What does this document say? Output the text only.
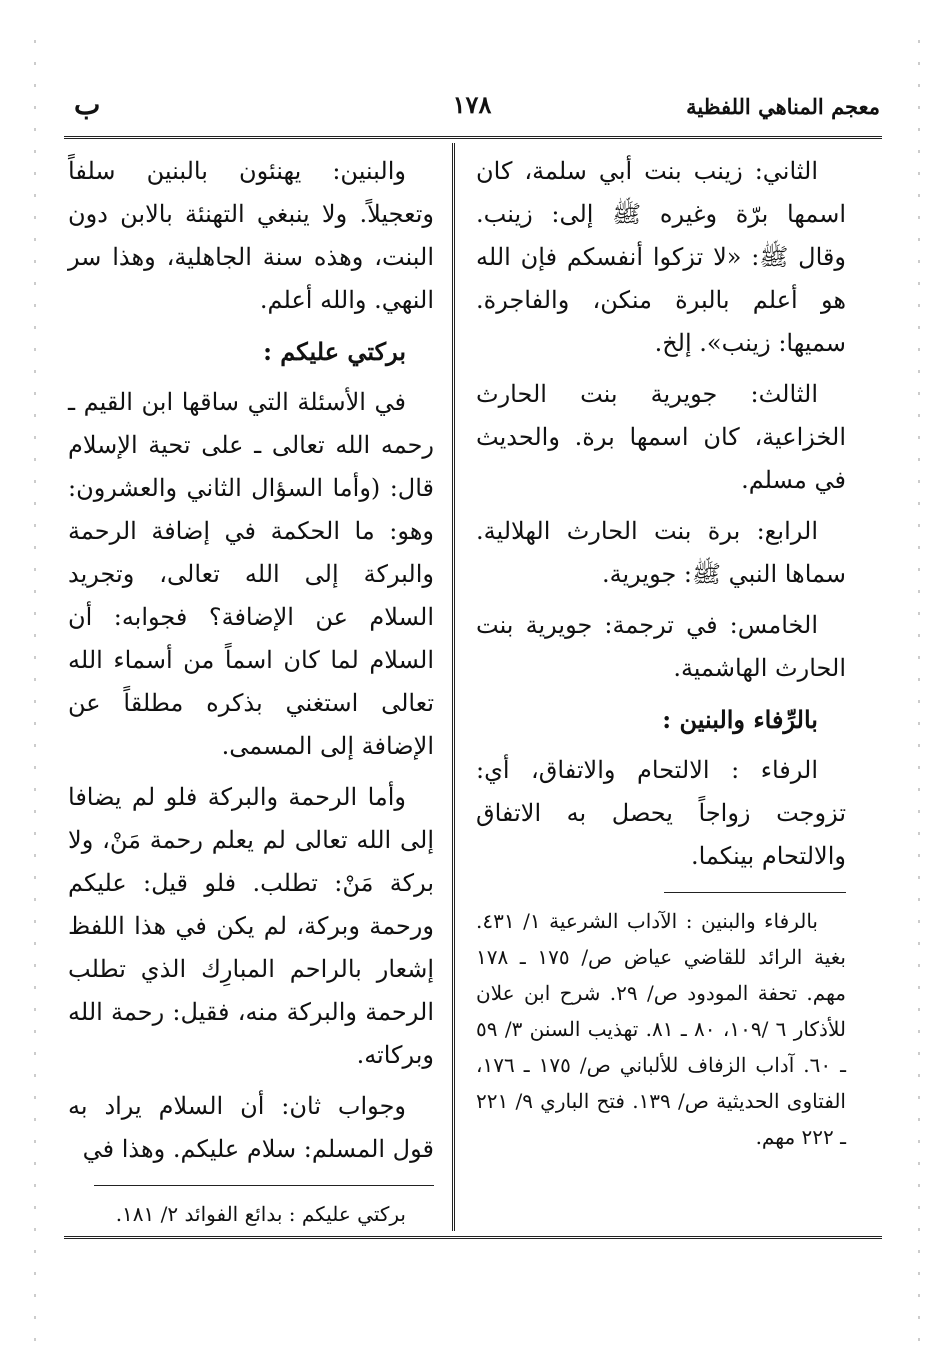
معجم المناهي اللفظية
١٧٨
ب

الثاني: زينب بنت أبي سلمة، كان اسمها برّة وغيره ﷺ إلى: زينب. وقال ﷺ: «لا تزكوا أنفسكم فإن الله هو أعلم بالبرة منكن، والفاجرة. سميها: زينب». إلخ.

الثالث: جويرية بنت الحارث الخزاعية، كان اسمها برة. والحديث في مسلم.

الرابع: برة بنت الحارث الهلالية. سماها النبي ﷺ: جويرية.

الخامس: في ترجمة: جويرية بنت الحارث الهاشمية.

بالرِّفاء والبنين :

الرفاء : الالتحام والاتفاق، أي: تزوجت زواجاً يحصل به الاتفاق والالتحام بينكما.

بالرفاء والبنين : الآداب الشرعية ١/ ٤٣١. بغية الرائد للقاضي عياض ص/ ١٧٥ ـ ١٧٨ مهم. تحفة المودود ص/ ٢٩. شرح ابن علان للأذكار ٦ /١٠٩، ٨٠ ـ ٨١. تهذيب السنن ٣/ ٥٩ ـ ٦٠. آداب الزفاف للألباني ص/ ١٧٥ ـ ١٧٦، الفتاوى الحديثية ص/ ١٣٩. فتح الباري ٩/ ٢٢١ ـ ٢٢٢ مهم.

والبنين: يهنئون بالبنين سلفاً وتعجيلاً. ولا ينبغي التهنئة بالابن دون البنت، وهذه سنة الجاهلية، وهذا سر النهي. والله أعلم.

بركتي عليكم :

في الأسئلة التي ساقها ابن القيم ـ رحمه الله تعالى ـ على تحية الإسلام قال: (وأما السؤال الثاني والعشرون: وهو: ما الحكمة في إضافة الرحمة والبركة إلى الله تعالى، وتجريد السلام عن الإضافة؟ فجوابه: أن السلام لما كان اسماً من أسماء الله تعالى استغني بذكره مطلقاً عن الإضافة إلى المسمى.

وأما الرحمة والبركة فلو لم يضافا إلى الله تعالى لم يعلم رحمة مَنْ، ولا بركة مَنْ: تطلب. فلو قيل: عليكم ورحمة وبركة، لم يكن في هذا اللفظ إشعار بالراحم المبارِك الذي تطلب الرحمة والبركة منه، فقيل: رحمة الله وبركاته.

وجواب ثان: أن السلام يراد به قول المسلم: سلام عليكم. وهذا في

بركتي عليكم : بدائع الفوائد ٢/ ١٨١.
